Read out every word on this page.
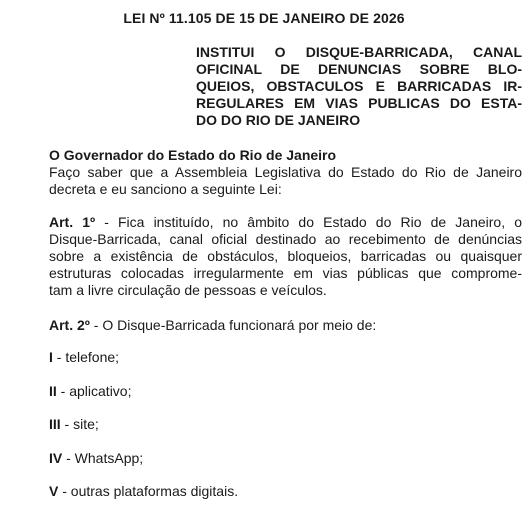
LEI Nº 11.105 DE 15 DE JANEIRO DE 2026
INSTITUI O DISQUE-BARRICADA, CANAL
OFICINAL DE DENUNCIAS SOBRE BLO-
QUEIOS, OBSTACULOS E BARRICADAS IR-
REGULARES EM VIAS PUBLICAS DO ESTA-
DO DO RIO DE JANEIRO
O Governador do Estado do Rio de Janeiro
Faço saber que a Assembleia Legislativa do Estado do Rio de Janeiro
decreta e eu sanciono a seguinte Lei:
Art. 1º - Fica instituído, no âmbito do Estado do Rio de Janeiro, o
Disque-Barricada, canal oficial destinado ao recebimento de denúncias
sobre a existência de obstáculos, bloqueios, barricadas ou quaisquer
estruturas colocadas irregularmente em vias públicas que comprome-
tam a livre circulação de pessoas e veículos.
Art. 2º - O Disque-Barricada funcionará por meio de:
I - telefone;
II - aplicativo;
III - site;
IV - WhatsApp;
V - outras plataformas digitais.
